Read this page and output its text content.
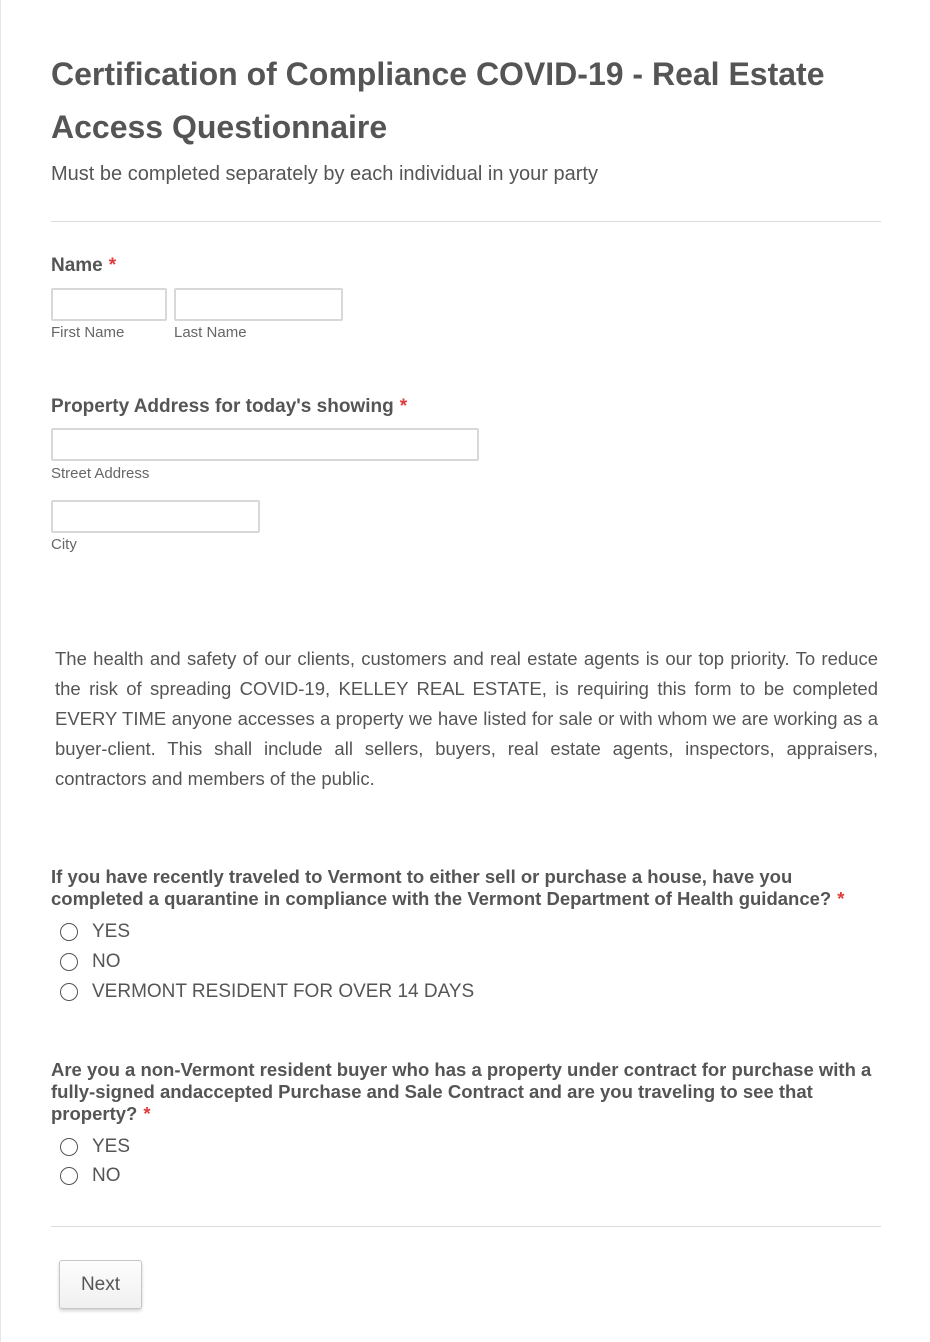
Certification of Compliance COVID-19 - Real Estate Access Questionnaire
Must be completed separately by each individual in your party
Name *
First Name	Last Name
Property Address for today's showing *
Street Address
City

The health and safety of our clients, customers and real estate agents is our top priority. To reduce the risk of spreading COVID-19, KELLEY REAL ESTATE, is requiring this form to be completed EVERY TIME anyone accesses a property we have listed for sale or with whom we are working as a buyer-client. This shall include all sellers, buyers, real estate agents, inspectors, appraisers, contractors and members of the public.

If you have recently traveled to Vermont to either sell or purchase a house, have you completed a quarantine in compliance with the Vermont Department of Health guidance? *
YES
NO
VERMONT RESIDENT FOR OVER 14 DAYS
Are you a non-Vermont resident buyer who has a property under contract for purchase with a fully-signed andaccepted Purchase and Sale Contract and are you traveling to see that property? *
YES
NO
Next
